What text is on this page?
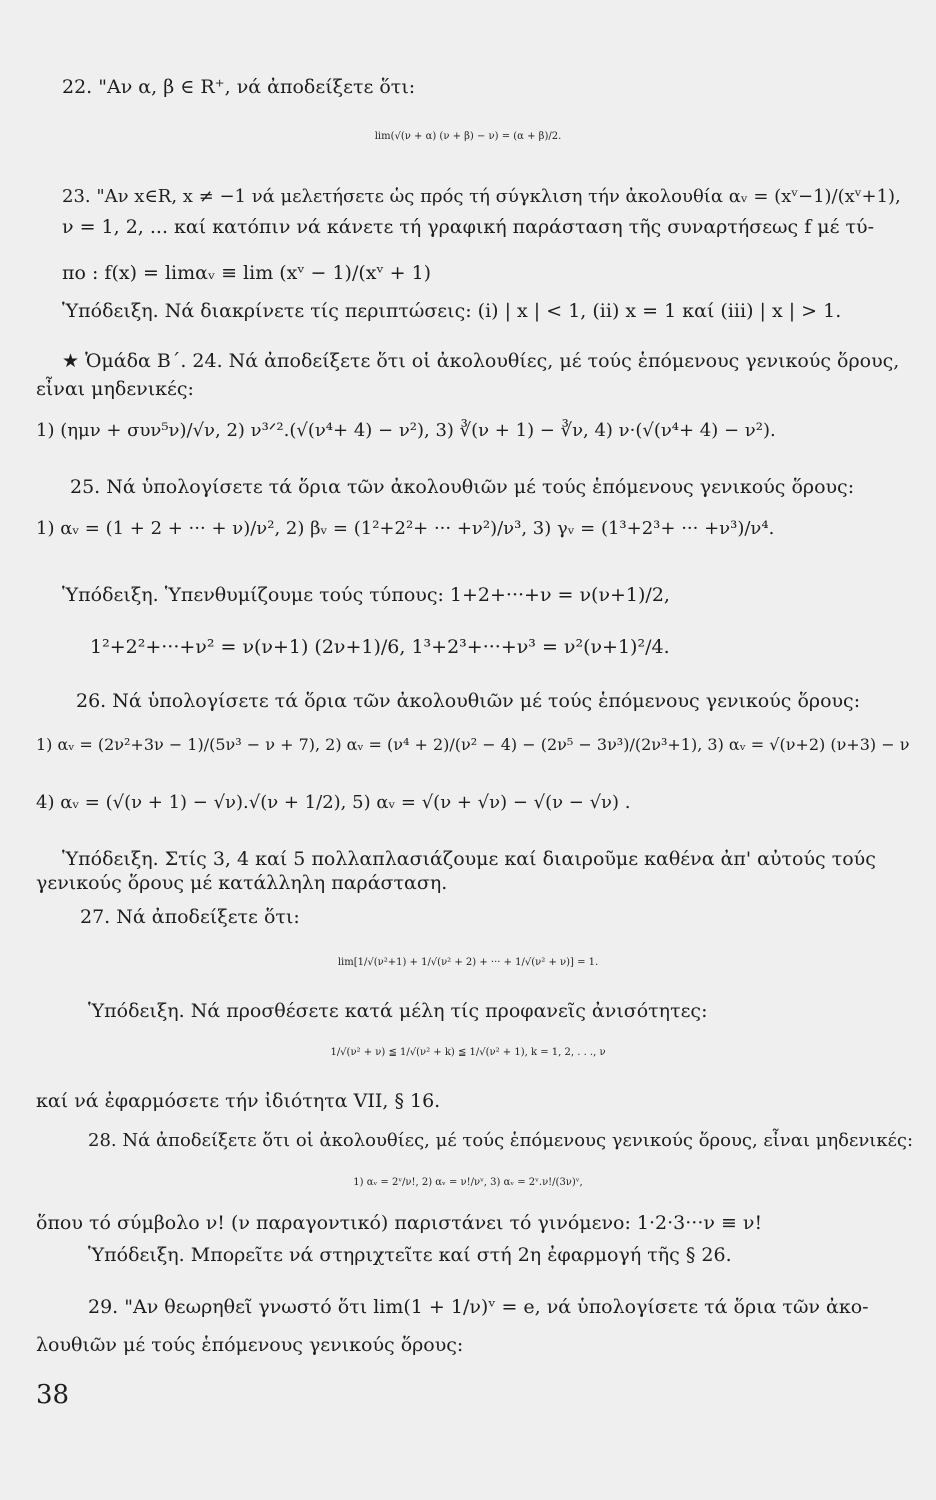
22. "Αν α, β ∈ R⁺, νά ἀποδείξετε ὅτι:
lim(√(ν + α) (ν + β) − ν) = (α + β)/2.
23. "Αν x∈R, x ≠ −1 νά μελετήσετε ὡς πρός τή σύγκλιση τήν ἀκολουθία αᵥ = (xᵛ−1)/(xᵛ+1),
ν = 1, 2, ... καί κατόπιν νά κάνετε τή γραφική παράσταση τῆς συναρτήσεως f μέ τύ-
πο : f(x) = limαᵥ ≡ lim (xᵛ − 1)/(xᵛ + 1)
Ὑπόδειξη. Νά διακρίνετε τίς περιπτώσεις: (i) | x | < 1, (ii) x = 1 καί (iii) | x | > 1.
★ Ὁμάδα Β΄. 24. Νά ἀποδείξετε ὅτι οἱ ἀκολουθίες, μέ τούς ἑπόμενους γενικούς ὅρους,
εἶναι μηδενικές:
1) (ημν + συν⁵ν)/√ν, 2) ν³ᐟ².(√(ν⁴+ 4) − ν²), 3) ∛(ν + 1) − ∛ν, 4) ν·(√(ν⁴+ 4) − ν²).
25. Νά ὑπολογίσετε τά ὅρια τῶν ἀκολουθιῶν μέ τούς ἑπόμενους γενικούς ὅρους:
1) αᵥ = (1 + 2 + ··· + ν)/ν², 2) βᵥ = (1²+2²+ ··· +ν²)/ν³, 3) γᵥ = (1³+2³+ ··· +ν³)/ν⁴.
Ὑπόδειξη. Ὑπενθυμίζουμε τούς τύπους: 1+2+···+ν = ν(ν+1)/2,
1²+2²+···+ν² = ν(ν+1) (2ν+1)/6, 1³+2³+···+ν³ = ν²(ν+1)²/4.
26. Νά ὑπολογίσετε τά ὅρια τῶν ἀκολουθιῶν μέ τούς ἑπόμενους γενικούς ὅρους:
1) αᵥ = (2ν²+3ν − 1)/(5ν³ − ν + 7), 2) αᵥ = (ν⁴ + 2)/(ν² − 4) − (2ν⁵ − 3ν³)/(2ν³+1), 3) αᵥ = √(ν+2) (ν+3) − ν
4) αᵥ = (√(ν + 1) − √ν).√(ν + 1/2), 5) αᵥ = √(ν + √ν) − √(ν − √ν) .
Ὑπόδειξη. Στίς 3, 4 καί 5 πολλαπλασιάζουμε καί διαιροῦμε καθένα ἀπ' αὐτούς τούς
γενικούς ὅρους μέ κατάλληλη παράσταση.
27. Νά ἀποδείξετε ὅτι:
lim[1/√(ν²+1) + 1/√(ν² + 2) + ··· + 1/√(ν² + ν)] = 1.
Ὑπόδειξη. Νά προσθέσετε κατά μέλη τίς προφανεῖς ἀνισότητες:
1/√(ν² + ν) ≦ 1/√(ν² + k) ≦ 1/√(ν² + 1), k = 1, 2, . . ., ν
καί νά ἐφαρμόσετε τήν ἰδιότητα VII, § 16.
28. Νά ἀποδείξετε ὅτι οἱ ἀκολουθίες, μέ τούς ἑπόμενους γενικούς ὅρους, εἶναι μηδενικές:
1) αᵥ = 2ᵛ/ν!, 2) αᵥ = ν!/νᵛ, 3) αᵥ = 2ᵛ.ν!/(3ν)ᵛ,
ὅπου τό σύμβολο ν! (ν παραγοντικό) παριστάνει τό γινόμενο: 1·2·3···ν ≡ ν!
Ὑπόδειξη. Μπορεῖτε νά στηριχτεῖτε καί στή 2η ἐφαρμογή τῆς § 26.
29. "Αν θεωρηθεῖ γνωστό ὅτι lim(1 + 1/ν)ᵛ = e, νά ὑπολογίσετε τά ὅρια τῶν ἀκο-
λουθιῶν μέ τούς ἑπόμενους γενικούς ὅρους:
38
